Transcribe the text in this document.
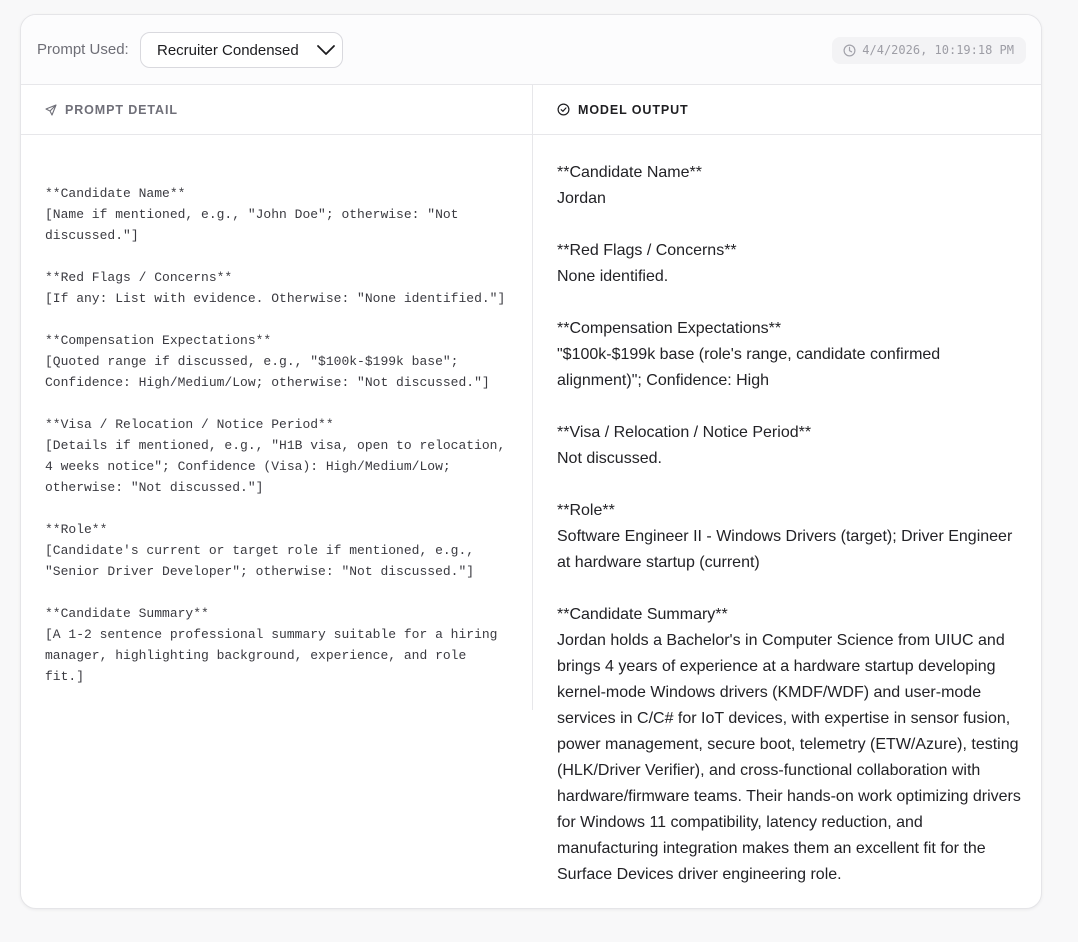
Prompt Used: Recruiter Condensed	4/4/2026, 10:19:18 PM
PROMPT DETAIL	MODEL OUTPUT
**Candidate Name**
[Name if mentioned, e.g., "John Doe"; otherwise: "Not
discussed."]

**Red Flags / Concerns**
[If any: List with evidence. Otherwise: "None identified."]

**Compensation Expectations**
[Quoted range if discussed, e.g., "$100k-$199k base";
Confidence: High/Medium/Low; otherwise: "Not discussed."]

**Visa / Relocation / Notice Period**
[Details if mentioned, e.g., "H1B visa, open to relocation,
4 weeks notice"; Confidence (Visa): High/Medium/Low;
otherwise: "Not discussed."]

**Role**
[Candidate's current or target role if mentioned, e.g.,
"Senior Driver Developer"; otherwise: "Not discussed."]

**Candidate Summary**
[A 1-2 sentence professional summary suitable for a hiring
manager, highlighting background, experience, and role
fit.]
**Candidate Name**
Jordan

**Red Flags / Concerns**
None identified.

**Compensation Expectations**
"$100k-$199k base (role's range, candidate confirmed alignment)"; Confidence: High

**Visa / Relocation / Notice Period**
Not discussed.

**Role**
Software Engineer II - Windows Drivers (target); Driver Engineer at hardware startup (current)

**Candidate Summary**
Jordan holds a Bachelor's in Computer Science from UIUC and brings 4 years of experience at a hardware startup developing kernel-mode Windows drivers (KMDF/WDF) and user-mode services in C/C# for IoT devices, with expertise in sensor fusion, power management, secure boot, telemetry (ETW/Azure), testing (HLK/Driver Verifier), and cross-functional collaboration with hardware/firmware teams. Their hands-on work optimizing drivers for Windows 11 compatibility, latency reduction, and manufacturing integration makes them an excellent fit for the Surface Devices driver engineering role.
